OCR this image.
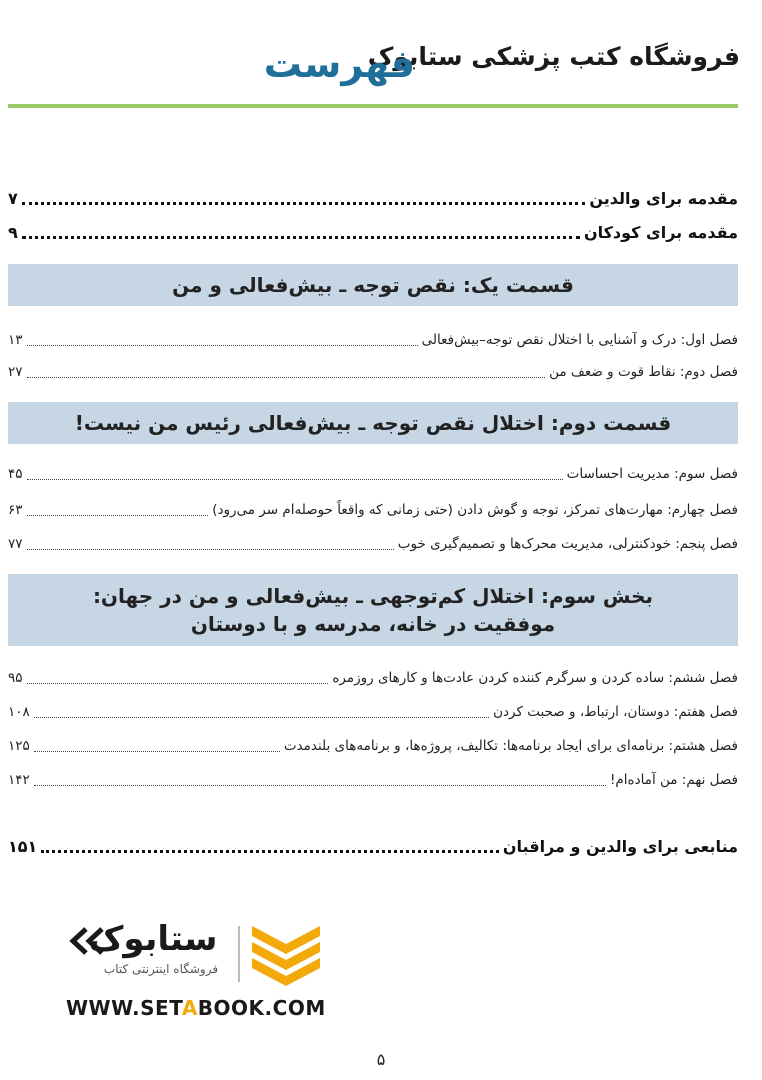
فروشگاه کتب پزشکی ستابوک
فهرست
مقدمه برای والدین
۷
مقدمه برای کودکان
۹
قسمت یک: نقص توجه ـ بیش‌فعالی و من
فصل اول: درک و آشنایی با اختلال نقص توجه–بیش‌فعالی
۱۳
فصل دوم: نقاط قوت و ضعف من
۲۷
قسمت دوم: اختلال نقص توجه ـ بیش‌فعالی رئیس من نیست!
فصل سوم: مدیریت احساسات
۴۵
فصل چهارم: مهارت‌های تمرکز، توجه و گوش دادن (حتی زمانی که واقعاً حوصله‌ام سر می‌رود)
۶۳
فصل پنجم: خودکنترلی، مدیریت محرک‌ها و تصمیم‌گیری خوب
۷۷
بخش سوم: اختلال کم‌توجهی ـ بیش‌فعالی و من در جهان:
موفقیت در خانه، مدرسه و با دوستان
فصل ششم: ساده کردن و سرگرم کننده کردن عادت‌ها و کارهای روزمره
۹۵
فصل هفتم: دوستان، ارتباط، و صحبت کردن
۱۰۸
فصل هشتم: برنامه‌ای برای ایجاد برنامه‌ها: تکالیف، پروژه‌ها، و برنامه‌های بلندمدت
۱۲۵
فصل نهم: من آماده‌ام!
۱۴۲
منابعی برای والدین و مراقبان
۱۵۱
ستابوک
فروشگاه اینترنتی کتاب
WWW.SETABOOK.COM
۵
